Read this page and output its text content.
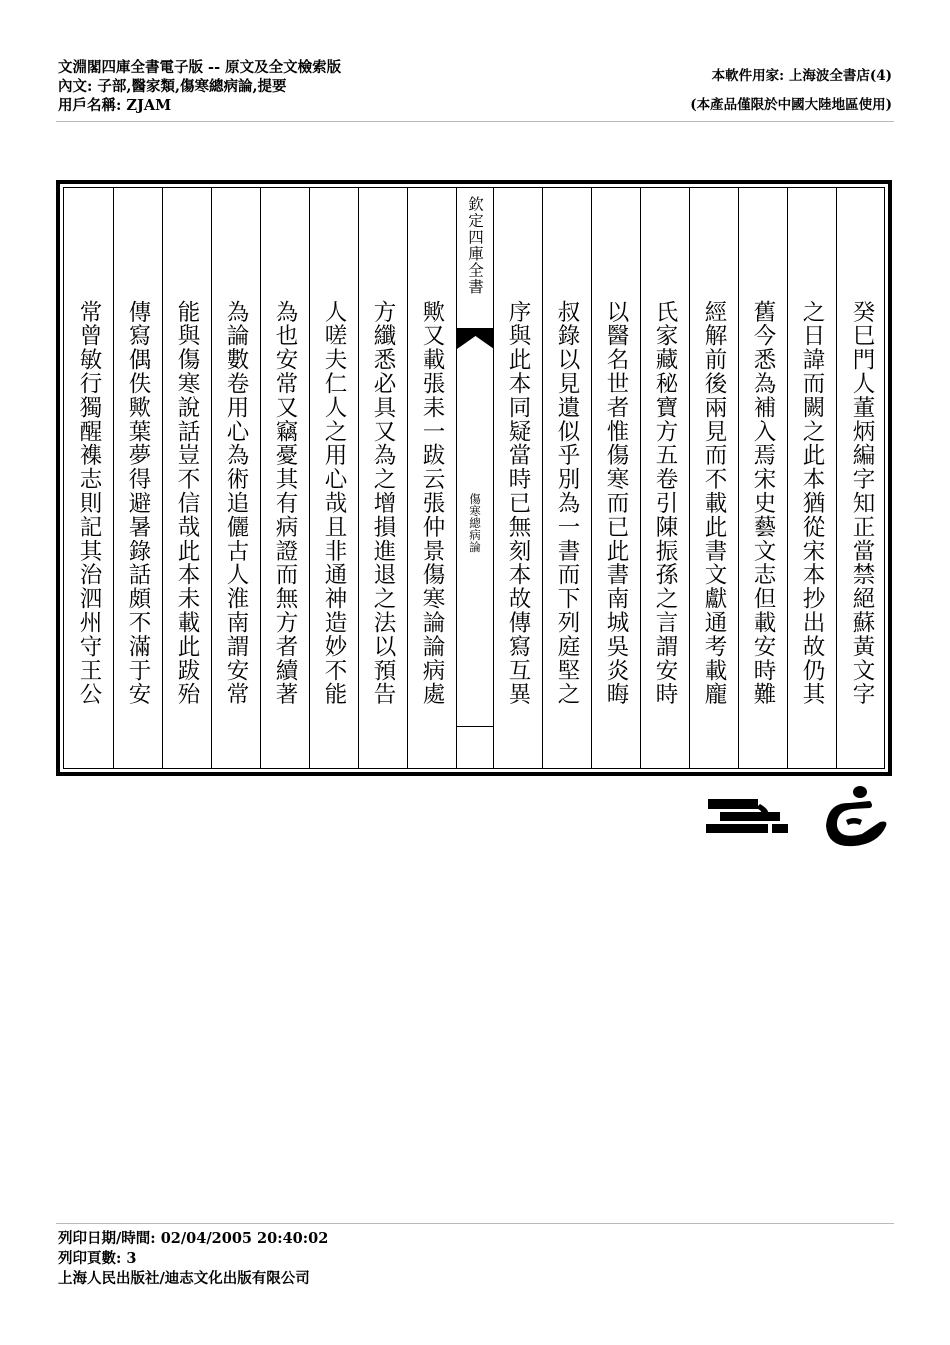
文淵閣四庫全書電子版 -- 原文及全文檢索版
內文: 子部,醫家類,傷寒總病論,提要
用戶名稱: ZJAM
本軟件用家: 上海波全書店(4)
(本產品僅限於中國大陸地區使用)
常曾敏行獨醒襍志則記其治泗州守王公	傳寫偶佚歟葉夢得避暑錄話頗不滿于安	能與傷寒說話豈不信哉此本未載此跋殆	為論數卷用心為術追儷古人淮南謂安常	為也安常又竊憂其有病證而無方者續著	人嗟夫仁人之用心哉且非通神造妙不能	方纖悉必具又為之增損進退之法以預告	歟又載張耒一跋云張仲景傷寒論論病處
欽定四庫全書
傷寒總病論	序與此本同疑當時已無刻本故傳寫互異	叔錄以見遺似乎別為一書而下列庭堅之	以醫名世者惟傷寒而已此書南城吳炎晦	氏家藏秘寶方五卷引陳振孫之言謂安時	經解前後兩見而不載此書文獻通考載龐	舊今悉為補入焉宋史藝文志但載安時難	之日諱而闕之此本猶從宋本抄出故仍其	癸巳門人董炳編字知正當禁絕蘇黃文字
列印日期/時間: 02/04/2005 20:40:02
列印頁數: 3
上海人民出版社/迪志文化出版有限公司
